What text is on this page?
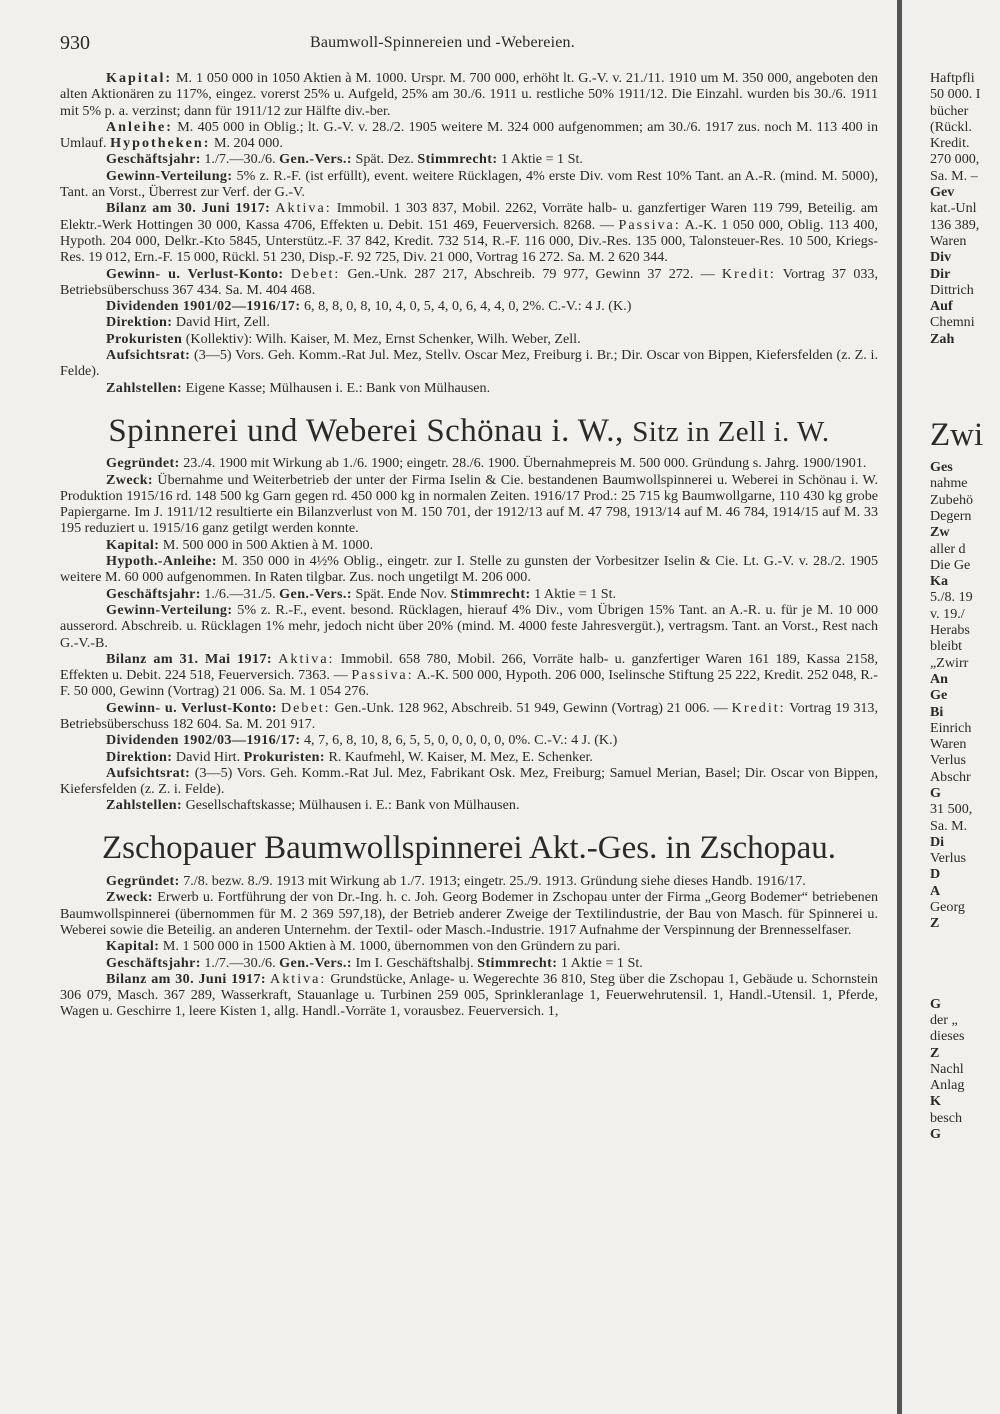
930	Baumwoll-Spinnereien und -Webereien.

Kapital: M. 1 050 000 in 1050 Aktien à M. 1000. Urspr. M. 700 000, erhöht lt. G.-V. v. 21./11. 1910 um M. 350 000, angeboten den alten Aktionären zu 117%, eingez. vorerst 25% u. Aufgeld, 25% am 30./6. 1911 u. restliche 50% 1911/12. Die Einzahl. wurden bis 30./6. 1911 mit 5% p. a. verzinst; dann für 1911/12 zur Hälfte div.-ber.

Anleihe: M. 405 000 in Oblig.; lt. G.-V. v. 28./2. 1905 weitere M. 324 000 aufgenommen; am 30./6. 1917 zus. noch M. 113 400 in Umlauf. Hypotheken: M. 204 000.

Geschäftsjahr: 1./7.—30./6. Gen.-Vers.: Spät. Dez. Stimmrecht: 1 Aktie = 1 St.

Gewinn-Verteilung: 5% z. R.-F. (ist erfüllt), event. weitere Rücklagen, 4% erste Div. vom Rest 10% Tant. an A.-R. (mind. M. 5000), Tant. an Vorst., Überrest zur Verf. der G.-V.

Bilanz am 30. Juni 1917: Aktiva: Immobil. 1 303 837, Mobil. 2262, Vorräte halb- u. ganzfertiger Waren 119 799, Beteilig. am Elektr.-Werk Hottingen 30 000, Kassa 4706, Effekten u. Debit. 151 469, Feuerversich. 8268. — Passiva: A.-K. 1 050 000, Oblig. 113 400, Hypoth. 204 000, Delkr.-Kto 5845, Unterstütz.-F. 37 842, Kredit. 732 514, R.-F. 116 000, Div.-Res. 135 000, Talonsteuer-Res. 10 500, Kriegs-Res. 19 012, Ern.-F. 15 000, Rückl. 51 230, Disp.-F. 92 725, Div. 21 000, Vortrag 16 272. Sa. M. 2 620 344.

Gewinn- u. Verlust-Konto: Debet: Gen.-Unk. 287 217, Abschreib. 79 977, Gewinn 37 272. — Kredit: Vortrag 37 033, Betriebsüberschuss 367 434. Sa. M. 404 468.

Dividenden 1901/02—1916/17: 6, 8, 8, 0, 8, 10, 4, 0, 5, 4, 0, 6, 4, 4, 0, 2%. C.-V.: 4 J. (K.)

Direktion: David Hirt, Zell.

Prokuristen (Kollektiv): Wilh. Kaiser, M. Mez, Ernst Schenker, Wilh. Weber, Zell.

Aufsichtsrat: (3—5) Vors. Geh. Komm.-Rat Jul. Mez, Stellv. Oscar Mez, Freiburg i. Br.; Dir. Oscar von Bippen, Kiefersfelden (z. Z. i. Felde).

Zahlstellen: Eigene Kasse; Mülhausen i. E.: Bank von Mülhausen.

Spinnerei und Weberei Schönau i. W., Sitz in Zell i. W.

Gegründet: 23./4. 1900 mit Wirkung ab 1./6. 1900; eingetr. 28./6. 1900. Übernahmepreis M. 500 000. Gründung s. Jahrg. 1900/1901.

Zweck: Übernahme und Weiterbetrieb der unter der Firma Iselin & Cie. bestandenen Baumwollspinnerei u. Weberei in Schönau i. W. Produktion 1915/16 rd. 148 500 kg Garn gegen rd. 450 000 kg in normalen Zeiten. 1916/17 Prod.: 25 715 kg Baumwollgarne, 110 430 kg grobe Papiergarne. Im J. 1911/12 resultierte ein Bilanzverlust von M. 150 701, der 1912/13 auf M. 47 798, 1913/14 auf M. 46 784, 1914/15 auf M. 33 195 reduziert u. 1915/16 ganz getilgt werden konnte.

Kapital: M. 500 000 in 500 Aktien à M. 1000.

Hypoth.-Anleihe: M. 350 000 in 4½% Oblig., eingetr. zur I. Stelle zu gunsten der Vorbesitzer Iselin & Cie. Lt. G.-V. v. 28./2. 1905 weitere M. 60 000 aufgenommen. In Raten tilgbar. Zus. noch ungetilgt M. 206 000.

Geschäftsjahr: 1./6.—31./5. Gen.-Vers.: Spät. Ende Nov. Stimmrecht: 1 Aktie = 1 St.

Gewinn-Verteilung: 5% z. R.-F., event. besond. Rücklagen, hierauf 4% Div., vom Übrigen 15% Tant. an A.-R. u. für je M. 10 000 ausserord. Abschreib. u. Rücklagen 1% mehr, jedoch nicht über 20% (mind. M. 4000 feste Jahresvergüt.), vertragsm. Tant. an Vorst., Rest nach G.-V.-B.

Bilanz am 31. Mai 1917: Aktiva: Immobil. 658 780, Mobil. 266, Vorräte halb- u. ganzfertiger Waren 161 189, Kassa 2158, Effekten u. Debit. 224 518, Feuerversich. 7363. — Passiva: A.-K. 500 000, Hypoth. 206 000, Iselinsche Stiftung 25 222, Kredit. 252 048, R.-F. 50 000, Gewinn (Vortrag) 21 006. Sa. M. 1 054 276.

Gewinn- u. Verlust-Konto: Debet: Gen.-Unk. 128 962, Abschreib. 51 949, Gewinn (Vortrag) 21 006. — Kredit: Vortrag 19 313, Betriebsüberschuss 182 604. Sa. M. 201 917.

Dividenden 1902/03—1916/17: 4, 7, 6, 8, 10, 8, 6, 5, 5, 0, 0, 0, 0, 0, 0%. C.-V.: 4 J. (K.)

Direktion: David Hirt. Prokuristen: R. Kaufmehl, W. Kaiser, M. Mez, E. Schenker.

Aufsichtsrat: (3—5) Vors. Geh. Komm.-Rat Jul. Mez, Fabrikant Osk. Mez, Freiburg; Samuel Merian, Basel; Dir. Oscar von Bippen, Kiefersfelden (z. Z. i. Felde).

Zahlstellen: Gesellschaftskasse; Mülhausen i. E.: Bank von Mülhausen.

Zschopauer Baumwollspinnerei Akt.-Ges. in Zschopau.

Gegründet: 7./8. bezw. 8./9. 1913 mit Wirkung ab 1./7. 1913; eingetr. 25./9. 1913. Gründung siehe dieses Handb. 1916/17.

Zweck: Erwerb u. Fortführung der von Dr.-Ing. h. c. Joh. Georg Bodemer in Zschopau unter der Firma „Georg Bodemer“ betriebenen Baumwollspinnerei (übernommen für M. 2 369 597,18), der Betrieb anderer Zweige der Textilindustrie, der Bau von Masch. für Spinnerei u. Weberei sowie die Beteilig. an anderen Unternehm. der Textil- oder Masch.-Industrie. 1917 Aufnahme der Verspinnung der Brennesselfaser.

Kapital: M. 1 500 000 in 1500 Aktien à M. 1000, übernommen von den Gründern zu pari.

Geschäftsjahr: 1./7.—30./6. Gen.-Vers.: Im I. Geschäftshalbj. Stimmrecht: 1 Aktie = 1 St.

Bilanz am 30. Juni 1917: Aktiva: Grundstücke, Anlage- u. Wegerechte 36 810, Steg über die Zschopau 1, Gebäude u. Schornstein 306 079, Masch. 367 289, Wasserkraft, Stauanlage u. Turbinen 259 005, Sprinkleranlage 1, Feuerwehrutensil. 1, Handl.-Utensil. 1, Pferde, Wagen u. Geschirre 1, leere Kisten 1, allg. Handl.-Vorräte 1, vorausbez. Feuerversich. 1,

Haftpfli
50 000. I
bücher
(Rückl.
Kredit.
270 000,
Sa. M. –
Gev
kat.-Unl
136 389,
Waren
Div
Dir
Dittrich
Auf
Chemni
Zah
Zwi
Ges
nahme
Zubehö
Degern
Zw
aller d
Die Ge
Ka
5./8. 19
v. 19./
Herabs
bleibt
„Zwirr
An
Ge
Bi
Einrich
Waren
Verlus
Abschr
G
31 500,
Sa. M.
Di
Verlus
D
A
Georg
Z
G
der „
dieses
Z
Nachl
Anlag
K
besch
G
